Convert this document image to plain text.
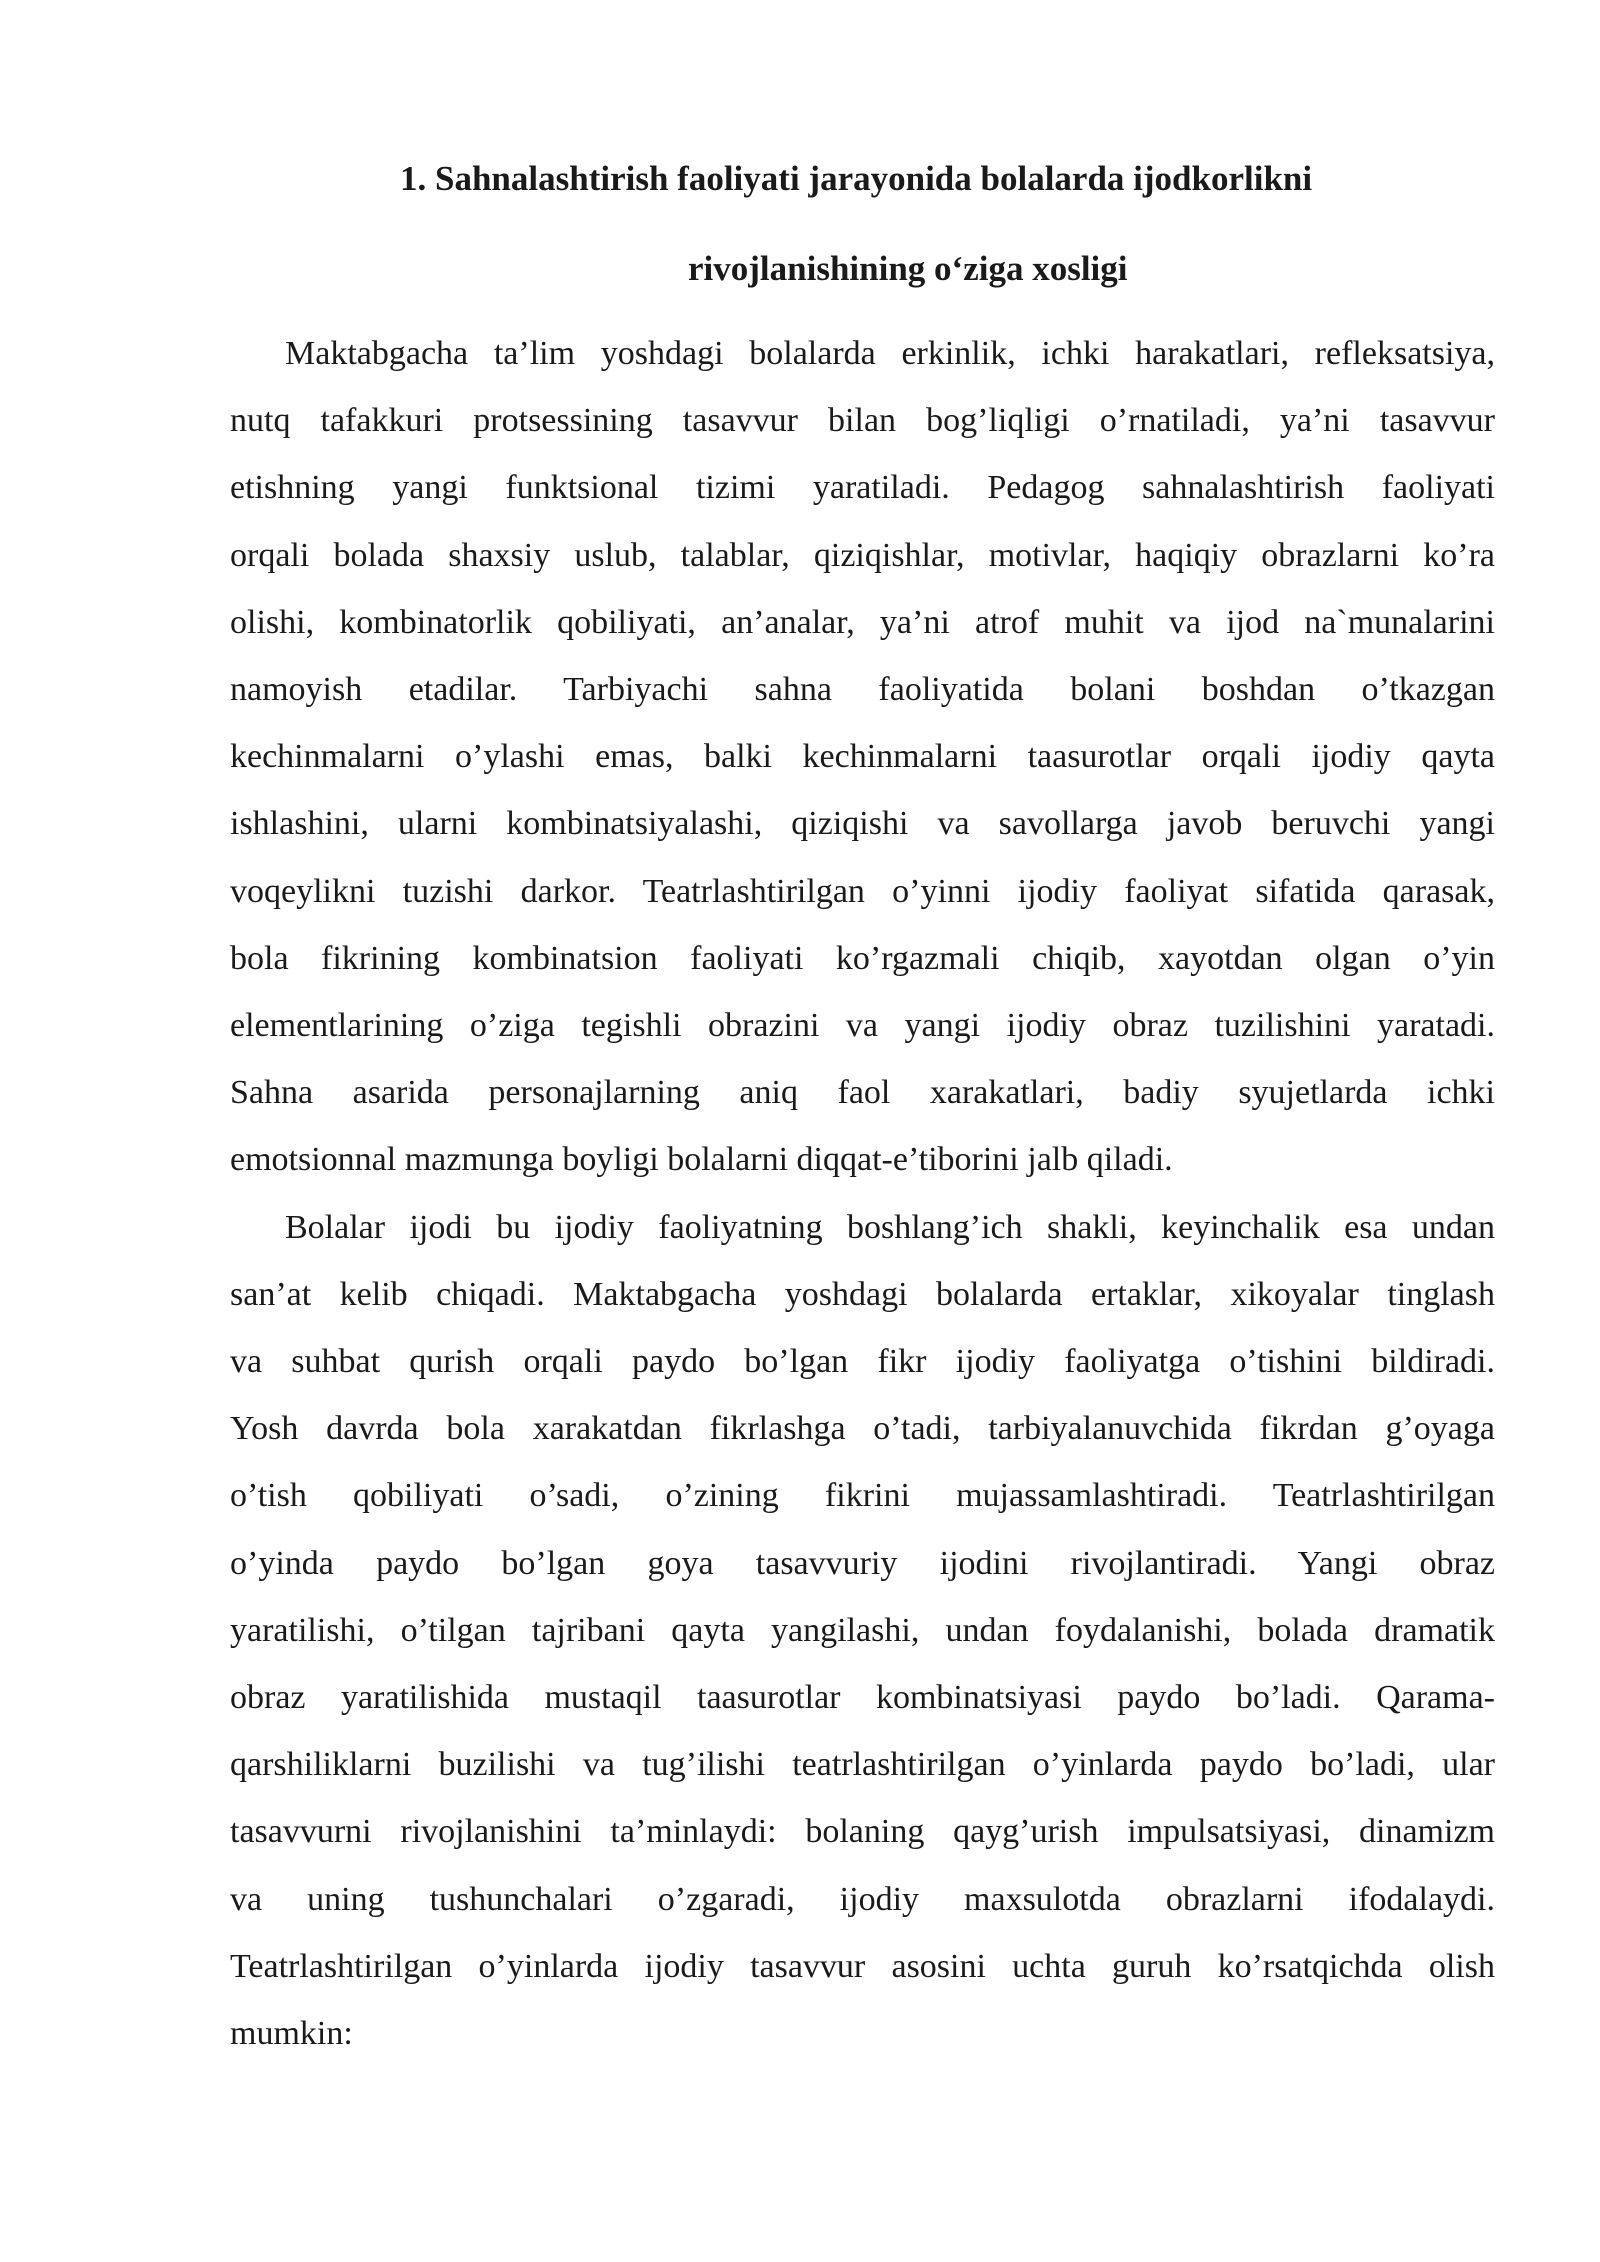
1. Sahnalashtirish faoliyati jarayonida bolalarda ijodkorlikni
rivojlanishining o‘ziga xosligi
Maktabgacha ta’lim yoshdagi bolalarda erkinlik, ichki harakatlari, refleksatsiya,
nutq tafakkuri protsessining tasavvur bilan bog’liqligi o’rnatiladi, ya’ni tasavvur
etishning yangi funktsional tizimi yaratiladi. Pedagog sahnalashtirish faoliyati
orqali bolada shaxsiy uslub, talablar, qiziqishlar, motivlar, haqiqiy obrazlarni ko’ra
olishi, kombinatorlik qobiliyati, an’analar, ya’ni atrof muhit va ijod na`munalarini
namoyish etadilar. Tarbiyachi sahna faoliyatida bolani boshdan o’tkazgan
kechinmalarni o’ylashi emas, balki kechinmalarni taasurotlar orqali ijodiy qayta
ishlashini, ularni kombinatsiyalashi, qiziqishi va savollarga javob beruvchi yangi
voqeylikni tuzishi darkor. Teatrlashtirilgan o’yinni ijodiy faoliyat sifatida qarasak,
bola fikrining kombinatsion faoliyati ko’rgazmali chiqib, xayotdan olgan o’yin
elementlarining o’ziga tegishli obrazini va yangi ijodiy obraz tuzilishini yaratadi.
Sahna asarida personajlarning aniq faol xarakatlari, badiy syujetlarda ichki
emotsionnal mazmunga boyligi bolalarni diqqat-e’tiborini jalb qiladi.
Bolalar ijodi bu ijodiy faoliyatning boshlang’ich shakli, keyinchalik esa undan
san’at kelib chiqadi. Maktabgacha yoshdagi bolalarda ertaklar, xikoyalar tinglash
va suhbat qurish orqali paydo bo’lgan fikr ijodiy faoliyatga o’tishini bildiradi.
Yosh davrda bola xarakatdan fikrlashga o’tadi, tarbiyalanuvchida fikrdan g’oyaga
o’tish qobiliyati o’sadi, o’zining fikrini mujassamlashtiradi. Teatrlashtirilgan
o’yinda paydo bo’lgan goya tasavvuriy ijodini rivojlantiradi. Yangi obraz
yaratilishi, o’tilgan tajribani qayta yangilashi, undan foydalanishi, bolada dramatik
obraz yaratilishida mustaqil taasurotlar kombinatsiyasi paydo bo’ladi. Qarama-
qarshiliklarni buzilishi va tug’ilishi teatrlashtirilgan o’yinlarda paydo bo’ladi, ular
tasavvurni rivojlanishini ta’minlaydi: bolaning qayg’urish impulsatsiyasi, dinamizm
va uning tushunchalari o’zgaradi, ijodiy maxsulotda obrazlarni ifodalaydi.
Teatrlashtirilgan o’yinlarda ijodiy tasavvur asosini uchta guruh ko’rsatqichda olish
mumkin:
